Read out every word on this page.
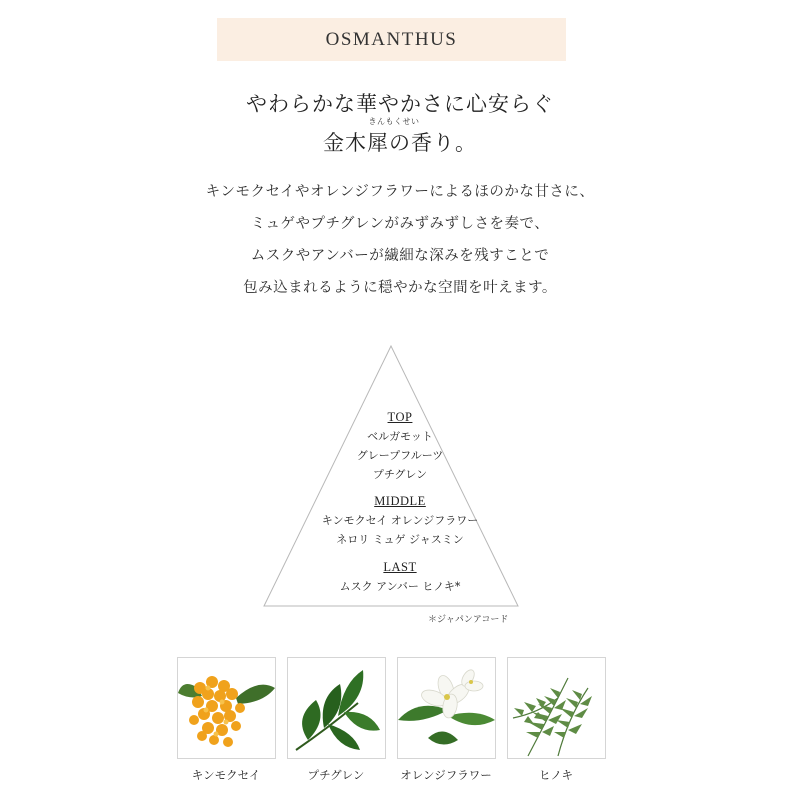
OSMANTHUS
やわらかな華やかさに心安らぐ
きんもくせい
金木犀の香り。
キンモクセイやオレンジフラワーによるほのかな甘さに、
ミュゲやプチグレンがみずみずしさを奏で、
ムスクやアンバーが繊細な深みを残すことで
包み込まれるように穏やかな空間を叶えます。
TOP
ベルガモット
グレープフルーツ
プチグレン
MIDDLE
キンモクセイ オレンジフラワー
ネロリ ミュゲ ジャスミン
LAST
ムスク アンバー ヒノキ*
＊ジャパンアコード
キンモクセイ	プチグレン	オレンジフラワー	ヒノキ
